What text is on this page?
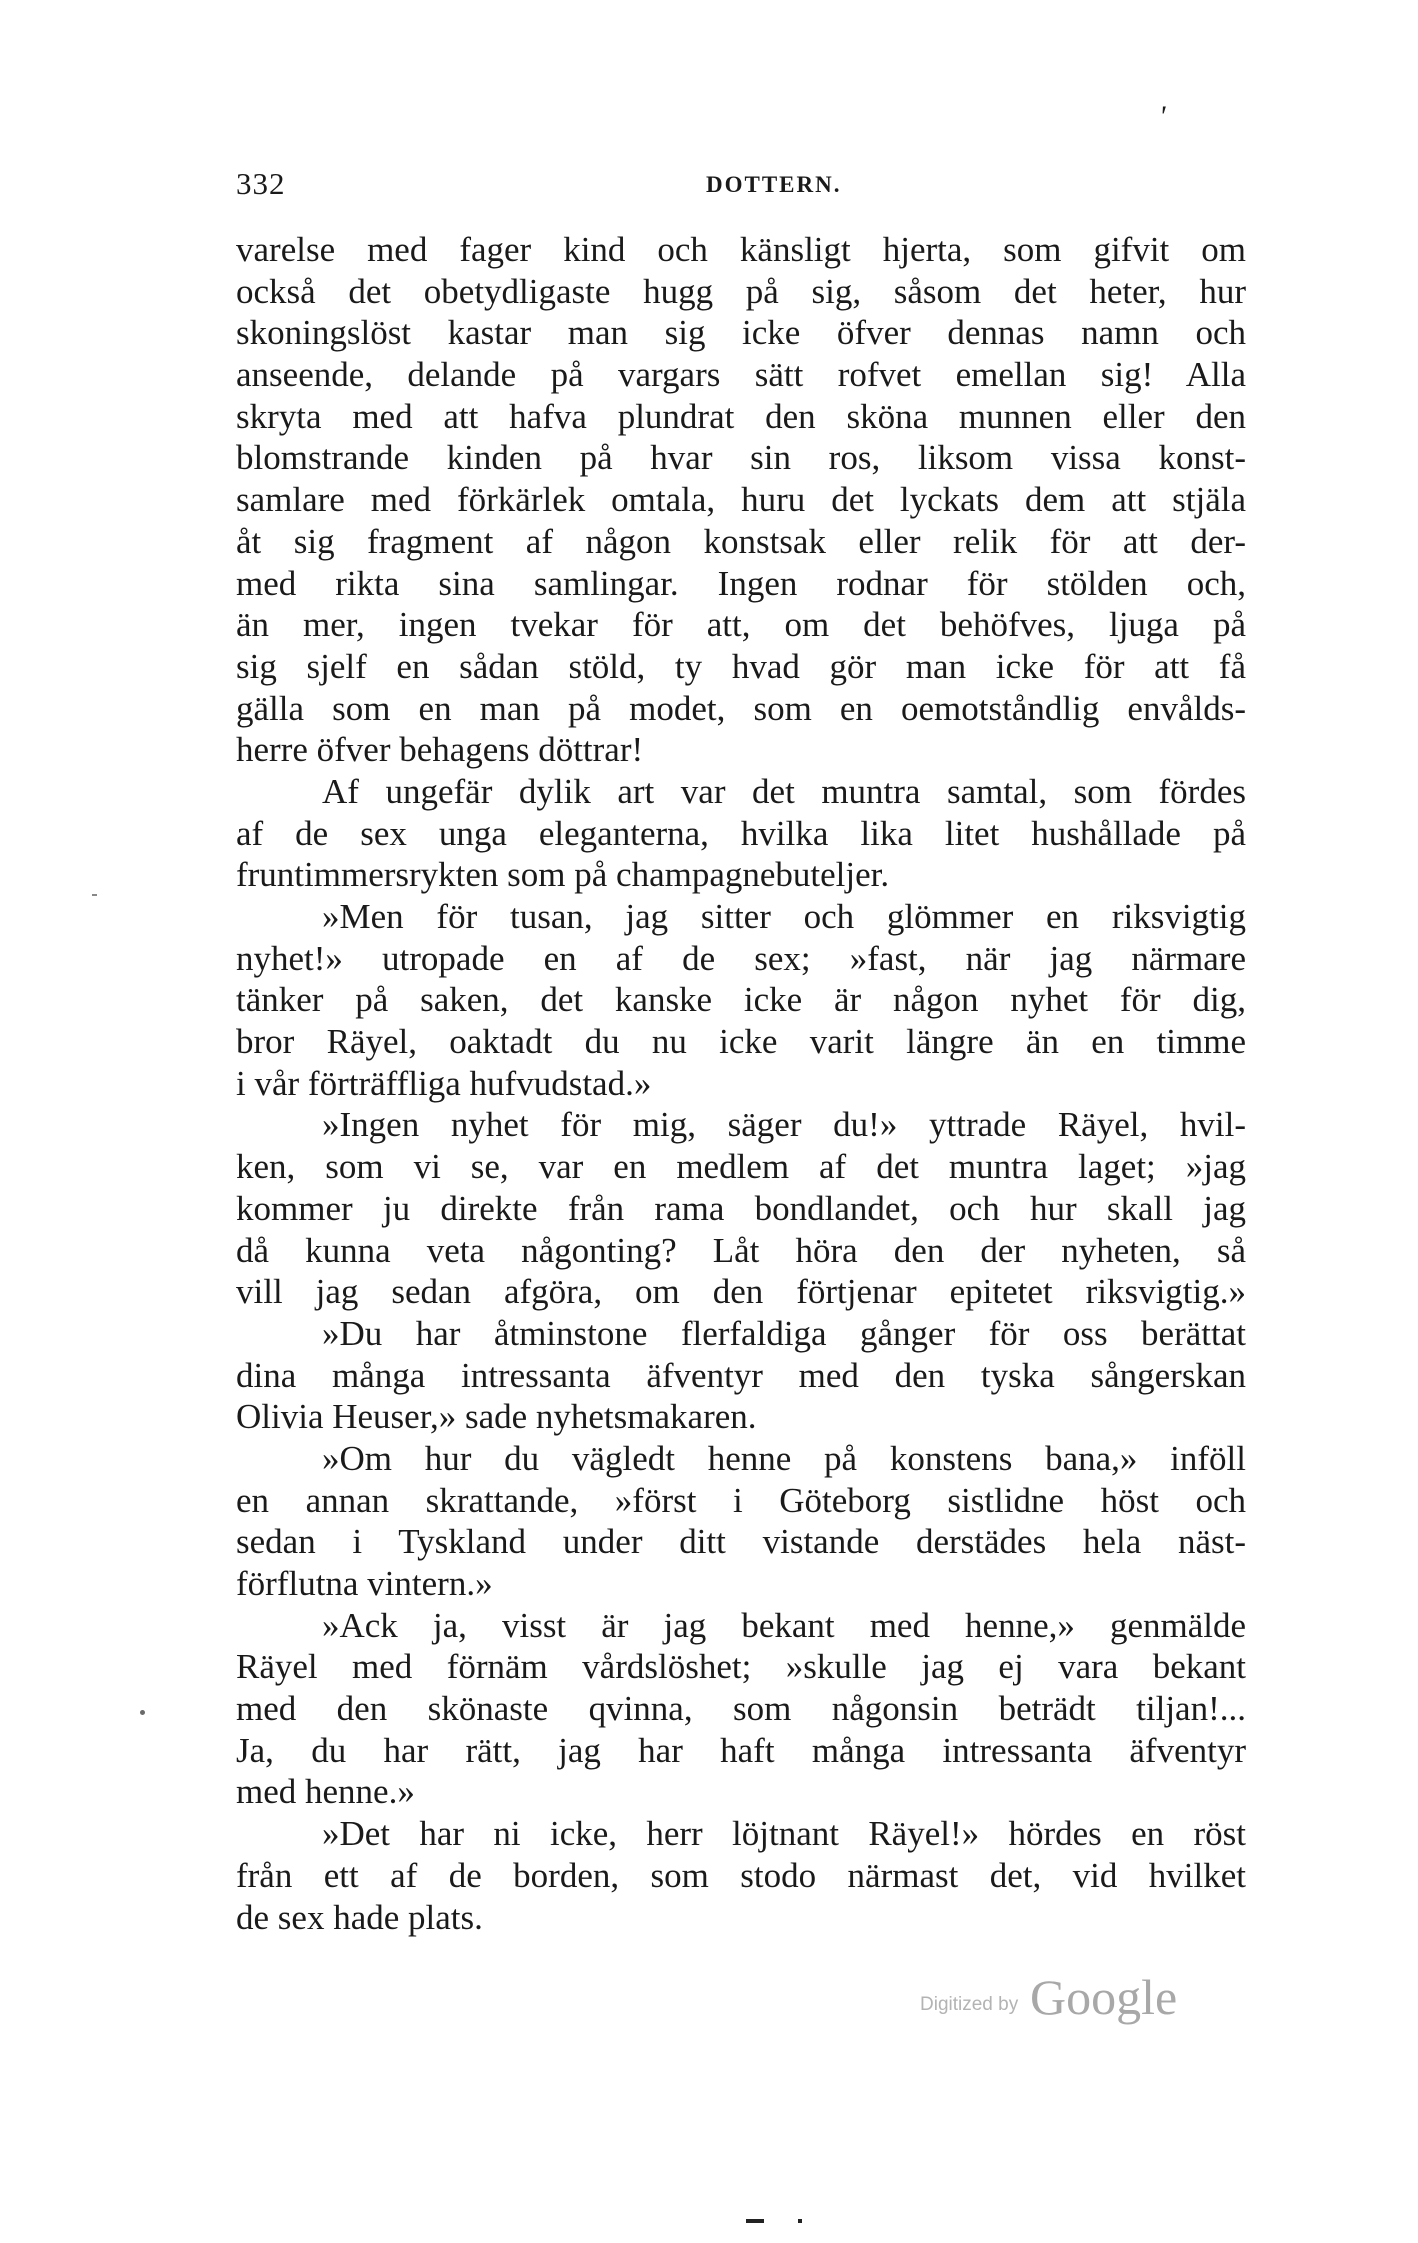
'
332	DOTTERN.
varelse med fager kind och känsligt hjerta, som gifvit om
också det obetydligaste hugg på sig, såsom det heter, hur
skoningslöst kastar man sig icke öfver dennas namn och
anseende, delande på vargars sätt rofvet emellan sig! Alla
skryta med att hafva plundrat den sköna munnen eller den
blomstrande kinden på hvar sin ros, liksom vissa konst-
samlare med förkärlek omtala, huru det lyckats dem att stjäla
åt sig fragment af någon konstsak eller relik för att der-
med rikta sina samlingar. Ingen rodnar för stölden och,
än mer, ingen tvekar för att, om det behöfves, ljuga på
sig sjelf en sådan stöld, ty hvad gör man icke för att få
gälla som en man på modet, som en oemotståndlig envålds-
herre öfver behagens döttrar!
Af ungefär dylik art var det muntra samtal, som fördes
af de sex unga eleganterna, hvilka lika litet hushållade på
fruntimmersrykten som på champagnebuteljer.
»Men för tusan, jag sitter och glömmer en riksvigtig
nyhet!» utropade en af de sex; »fast, när jag närmare
tänker på saken, det kanske icke är någon nyhet för dig,
bror Räyel, oaktadt du nu icke varit längre än en timme
i vår förträffliga hufvudstad.»
»Ingen nyhet för mig, säger du!» yttrade Räyel, hvil-
ken, som vi se, var en medlem af det muntra laget; »jag
kommer ju direkte från rama bondlandet, och hur skall jag
då kunna veta någonting? Låt höra den der nyheten, så
vill jag sedan afgöra, om den förtjenar epitetet riksvigtig.»
»Du har åtminstone flerfaldiga gånger för oss berättat
dina många intressanta äfventyr med den tyska sångerskan
Olivia Heuser,» sade nyhetsmakaren.
»Om hur du vägledt henne på konstens bana,» inföll
en annan skrattande, »först i Göteborg sistlidne höst och
sedan i Tyskland under ditt vistande derstädes hela näst-
förflutna vintern.»
»Ack ja, visst är jag bekant med henne,» genmälde
Räyel med förnäm vårdslöshet; »skulle jag ej vara bekant
med den skönaste qvinna, som någonsin beträdt tiljan!...
Ja, du har rätt, jag har haft många intressanta äfventyr
med henne.»
»Det har ni icke, herr löjtnant Räyel!» hördes en röst
från ett af de borden, som stodo närmast det, vid hvilket
de sex hade plats.
Digitized by Google
